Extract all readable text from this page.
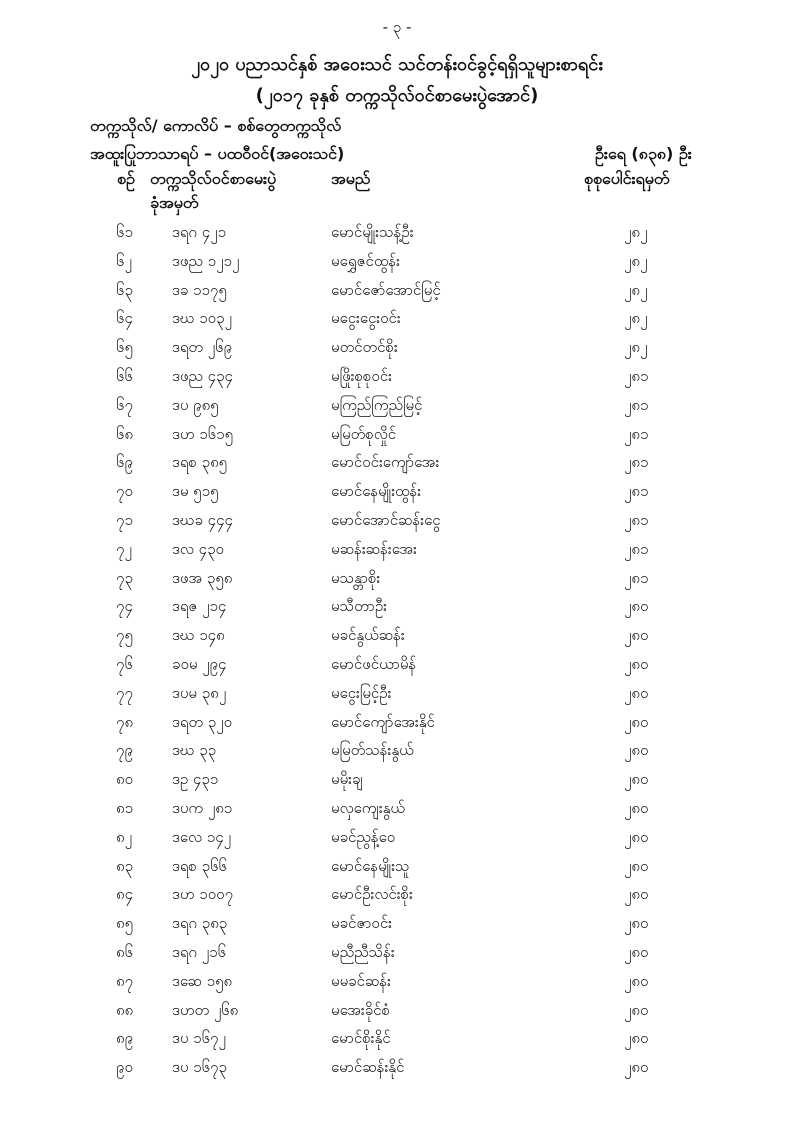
- ၃ -
၂၀၂၀ ပညာသင်နှစ် အဝေးသင် သင်တန်းဝင်ခွင့်ရရှိသူများစာရင်း
(၂၀၁၇ ခုနှစ် တက္ကသိုလ်ဝင်စာမေးပွဲအောင်)
တက္ကသိုလ်/ ကောလိပ် – စစ်တွေတက္ကသိုလ်
အထူးပြုဘာသာရပ် – ပထဝီဝင်(အဝေးသင်)	ဦးရေ (၈၃၈) ဦး
စဉ် တက္ကသိုလ်ဝင်စာမေးပွဲ
ခုံအမှတ်
အမည်	စုစုပေါင်းရမှတ်
၆၁	ဒရဂ ၄၂၁	မောင်မျိုးသန့်ဦး	၂၈၂
၆၂	ဒဖည ၁၂၁၂	မရွှေဇင်ထွန်း	၂၈၂
၆၃	ဒခ ၁၁၇၅	မောင်ဇော်အောင်မြင့်	၂၈၂
၆၄	ဒဃ ၁၀၃၂	မငွေးငွေးဝင်း	၂၈၂
၆၅	ဒရတ ၂၆၉	မတင်တင်စိုး	၂၈၂
၆၆	ဒဖည ၄၃၄	မဖြိုးစုစုဝင်း	၂၈၁
၆၇	ဒပ ၉၈၅	မကြည်ကြည်မြင့်	၂၈၁
၆၈	ဒဟ ၁၆၁၅	မမြတ်စုလှိုင်	၂၈၁
၆၉	ဒရစ ၃၈၅	မောင်ဝင်းကျော်အေး	၂၈၁
၇၀	ဒမ ၅၁၅	မောင်နေမျိုးထွန်း	၂၈၁
၇၁	ဒဃခ ၄၄၄	မောင်အောင်ဆန်းငွေ	၂၈၁
၇၂	ဒလ ၄၃၀	မဆန်းဆန်းအေး	၂၈၁
၇၃	ဒဖအ ၃၅၈	မသန္တာစိုး	၂၈၁
၇၄	ဒရဇ ၂၁၄	မသီတာဦး	၂၈၀
၇၅	ဒဃ ၁၄၈	မခင်နွယ်ဆန်း	၂၈၀
၇၆	ခဝမ ၂၉၄	မောင်ဖင်ယာမိန်	၂၈၀
၇၇	ဒပမ ၃၈၂	မငွေးမြင့်ဦး	၂၈၀
၇၈	ဒရတ ၃၂၀	မောင်ကျော်အေးနိုင်	၂၈၀
၇၉	ဒဃ ၃၃	မမြတ်သန်းနွယ်	၂၈၀
၈၀	ဒဥ ၄၃၁	မမိုးချ	၂၈၀
၈၁	ဒပက ၂၈၁	မလှကျေးနွယ်	၂၈၀
၈၂	ဒလေ ၁၄၂	မခင်ညွန့်ဝေ	၂၈၀
၈၃	ဒရစ ၃၆၆	မောင်နေမျိုးသူ	၂၈၀
၈၄	ဒဟ ၁၀၀၇	မောင်ဦးလင်းစိုး	၂၈၀
၈၅	ဒရဂ ၃၈၃	မခင်ဇာဝင်း	၂၈၀
၈၆	ဒရဂ ၂၁၆	မညီညီသိန်း	၂၈၀
၈၇	ဒဆေ ၁၅၈	မမခင်ဆန်း	၂၈၀
၈၈	ဒဟတ ၂၆၈	မအေးခိုင်စံ	၂၈၀
၈၉	ဒပ ၁၆၇၂	မောင်စိုးနိုင်	၂၈၀
၉၀	ဒပ ၁၆၇၃	မောင်ဆန်းနိုင်	၂၈၀
